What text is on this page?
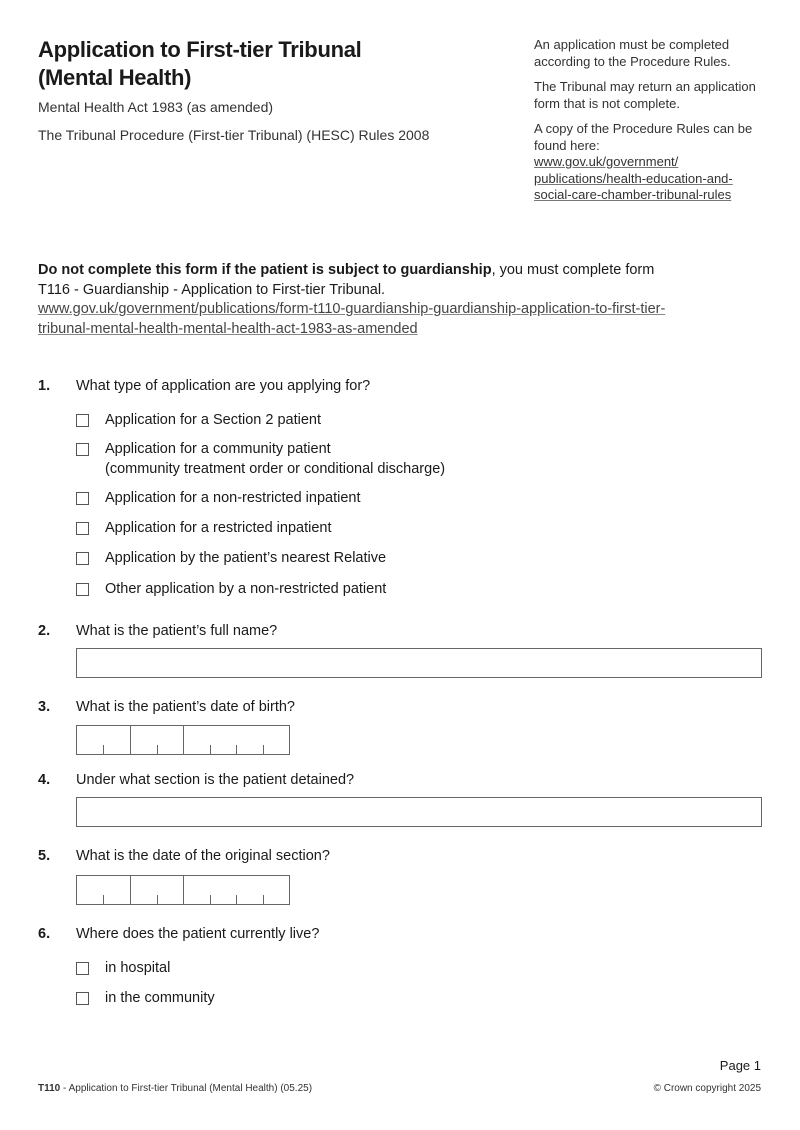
Application to First-tier Tribunal
(Mental Health)
Mental Health Act 1983 (as amended)
The Tribunal Procedure (First-tier Tribunal) (HESC) Rules 2008

An application must be completed according to the Procedure Rules.

The Tribunal may return an application form that is not complete.

A copy of the Procedure Rules can be found here:

www.gov.uk/government/
publications/health-education-and-
social-care-chamber-tribunal-rules
Do not complete this form if the patient is subject to guardianship, you must complete form
T116 - Guardianship - Application to First-tier Tribunal.
www.gov.uk/government/publications/form-t110-guardianship-guardianship-application-to-first-tier-
tribunal-mental-health-mental-health-act-1983-as-amended
1. What type of application are you applying for?
Application for a Section 2 patient
Application for a community patient
(community treatment order or conditional discharge)
Application for a non-restricted inpatient
Application for a restricted inpatient
Application by the patient’s nearest Relative
Other application by a non-restricted patient
2. What is the patient’s full name?
3. What is the patient’s date of birth?
4. Under what section is the patient detained?
5. What is the date of the original section?
6. Where does the patient currently live?
in hospital
in the community
Page 1
T110 - Application to First-tier Tribunal (Mental Health) (05.25)	© Crown copyright 2025
